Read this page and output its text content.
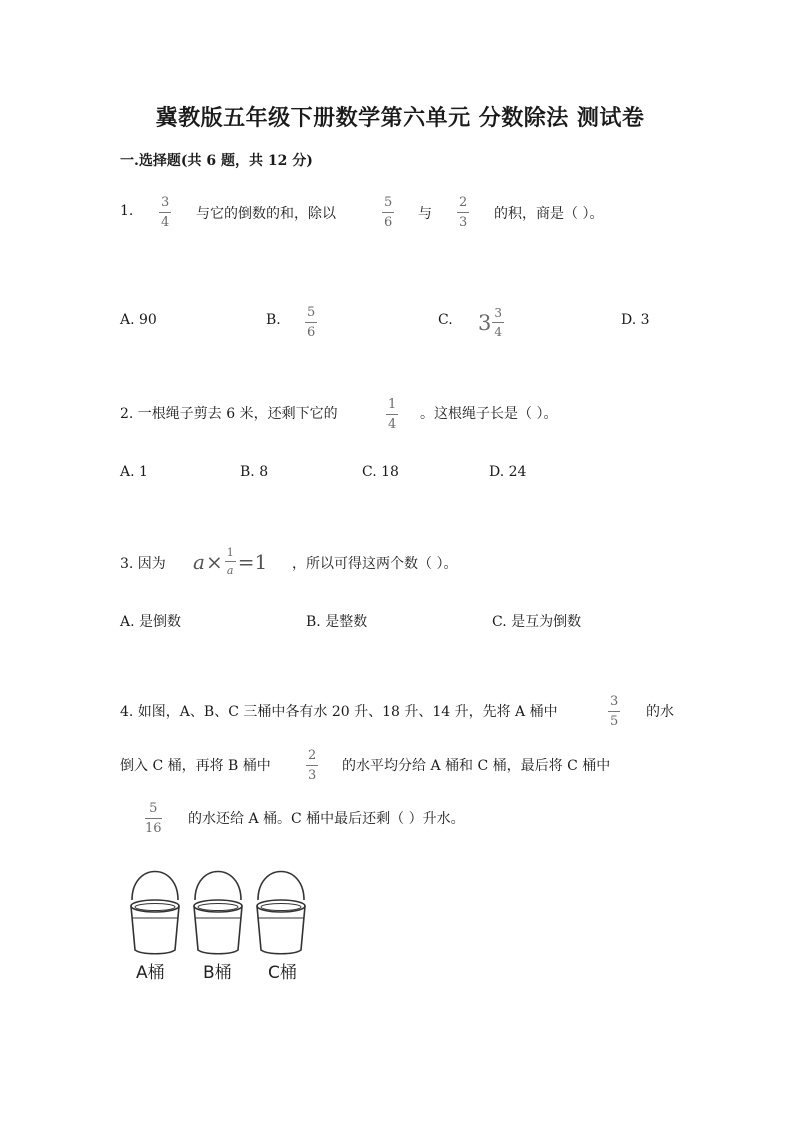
冀教版五年级下册数学第六单元 分数除法 测试卷
一.选择题(共 6 题，共 12 分)
1.
3
4
与它的倒数的和，除以
5
6
与
2
3
的积，商是（ ）。
A. 90	B. 5
6
C. $3 \frac{3}{4}$	D. 3
2. 一根绳子剪去 6 米，还剩下它的
1
4
。这根绳子长是（ ）。
A. 1	B. 8	C. 18	D. 24
3. 因为 $a \times \frac{1}{a} =1$ ，所以可得这两个数（ ）。
A. 是倒数	B. 是整数	C. 是互为倒数
4. 如图，A、B、C 三桶中各有水 20 升、18 升、14 升，先将 A 桶中
3
5
的水
倒入 C 桶，再将 B 桶中
2
3
的水平均分给 A 桶和 C 桶，最后将 C 桶中
5
16
的水还给 A 桶。C 桶中最后还剩（ ）升水。
A桶 B桶 C桶
